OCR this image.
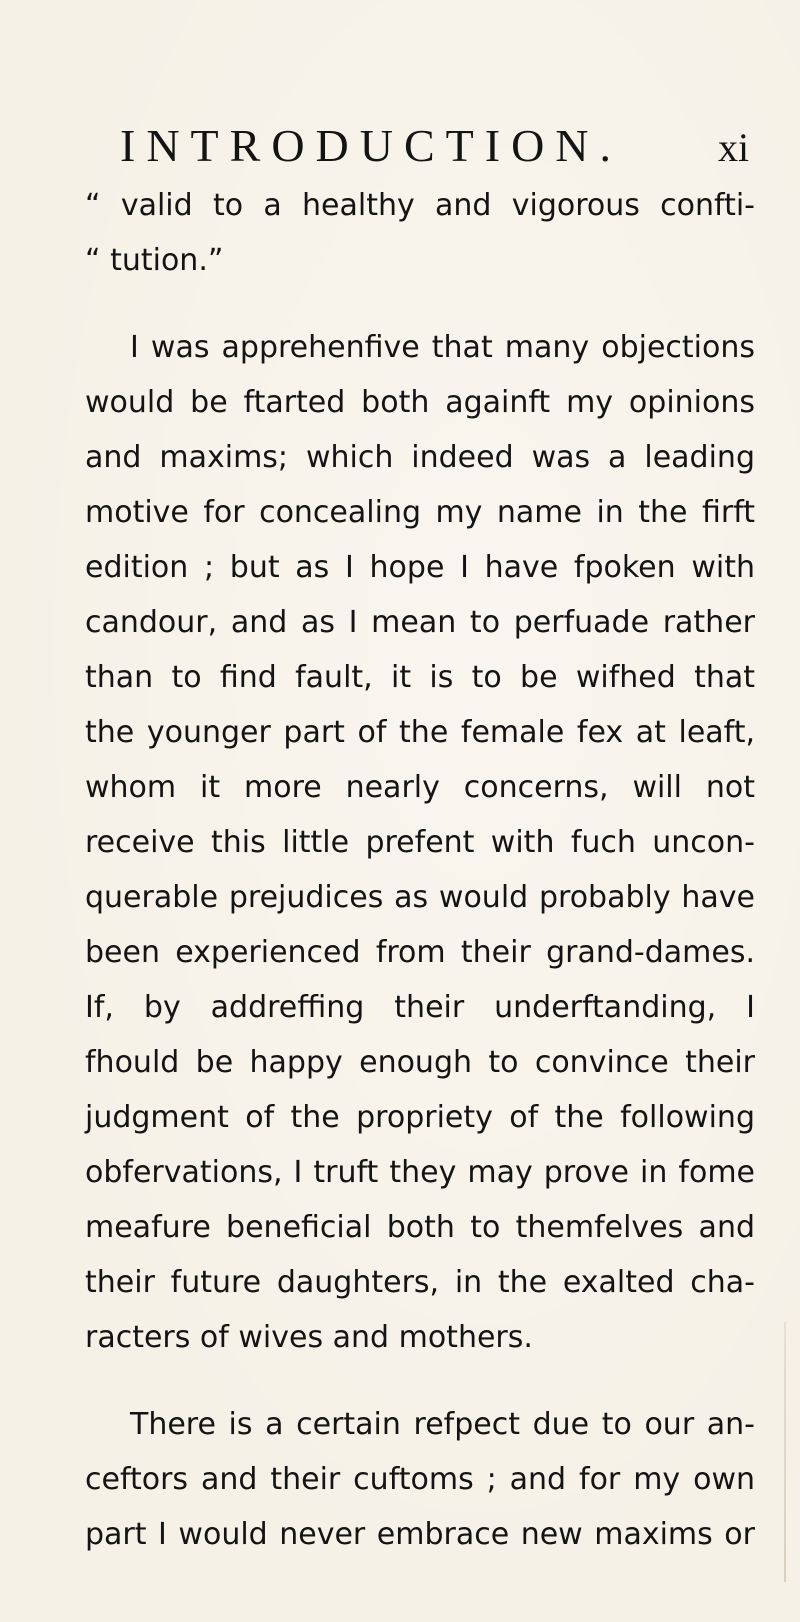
INTRODUCTION. xi
“ valid to a healthy and vigorous confti-
“ tution.”
I was apprehenfive that many objections
would be ftarted both againft my opinions
and maxims; which indeed was a leading
motive for concealing my name in the firft
edition ; but as I hope I have fpoken with
candour, and as I mean to perfuade rather
than to find fault, it is to be wifhed that
the younger part of the female fex at leaft,
whom it more nearly concerns, will not
receive this little prefent with fuch uncon-
querable prejudices as would probably have
been experienced from their grand-dames.
If, by addreffing their underftanding, I
fhould be happy enough to convince their
judgment of the propriety of the following
obfervations, I truft they may prove in fome
meafure beneficial both to themfelves and
their future daughters, in the exalted cha-
racters of wives and mothers.
There is a certain refpect due to our an-
ceftors and their cuftoms ; and for my own
part I would never embrace new maxims or
